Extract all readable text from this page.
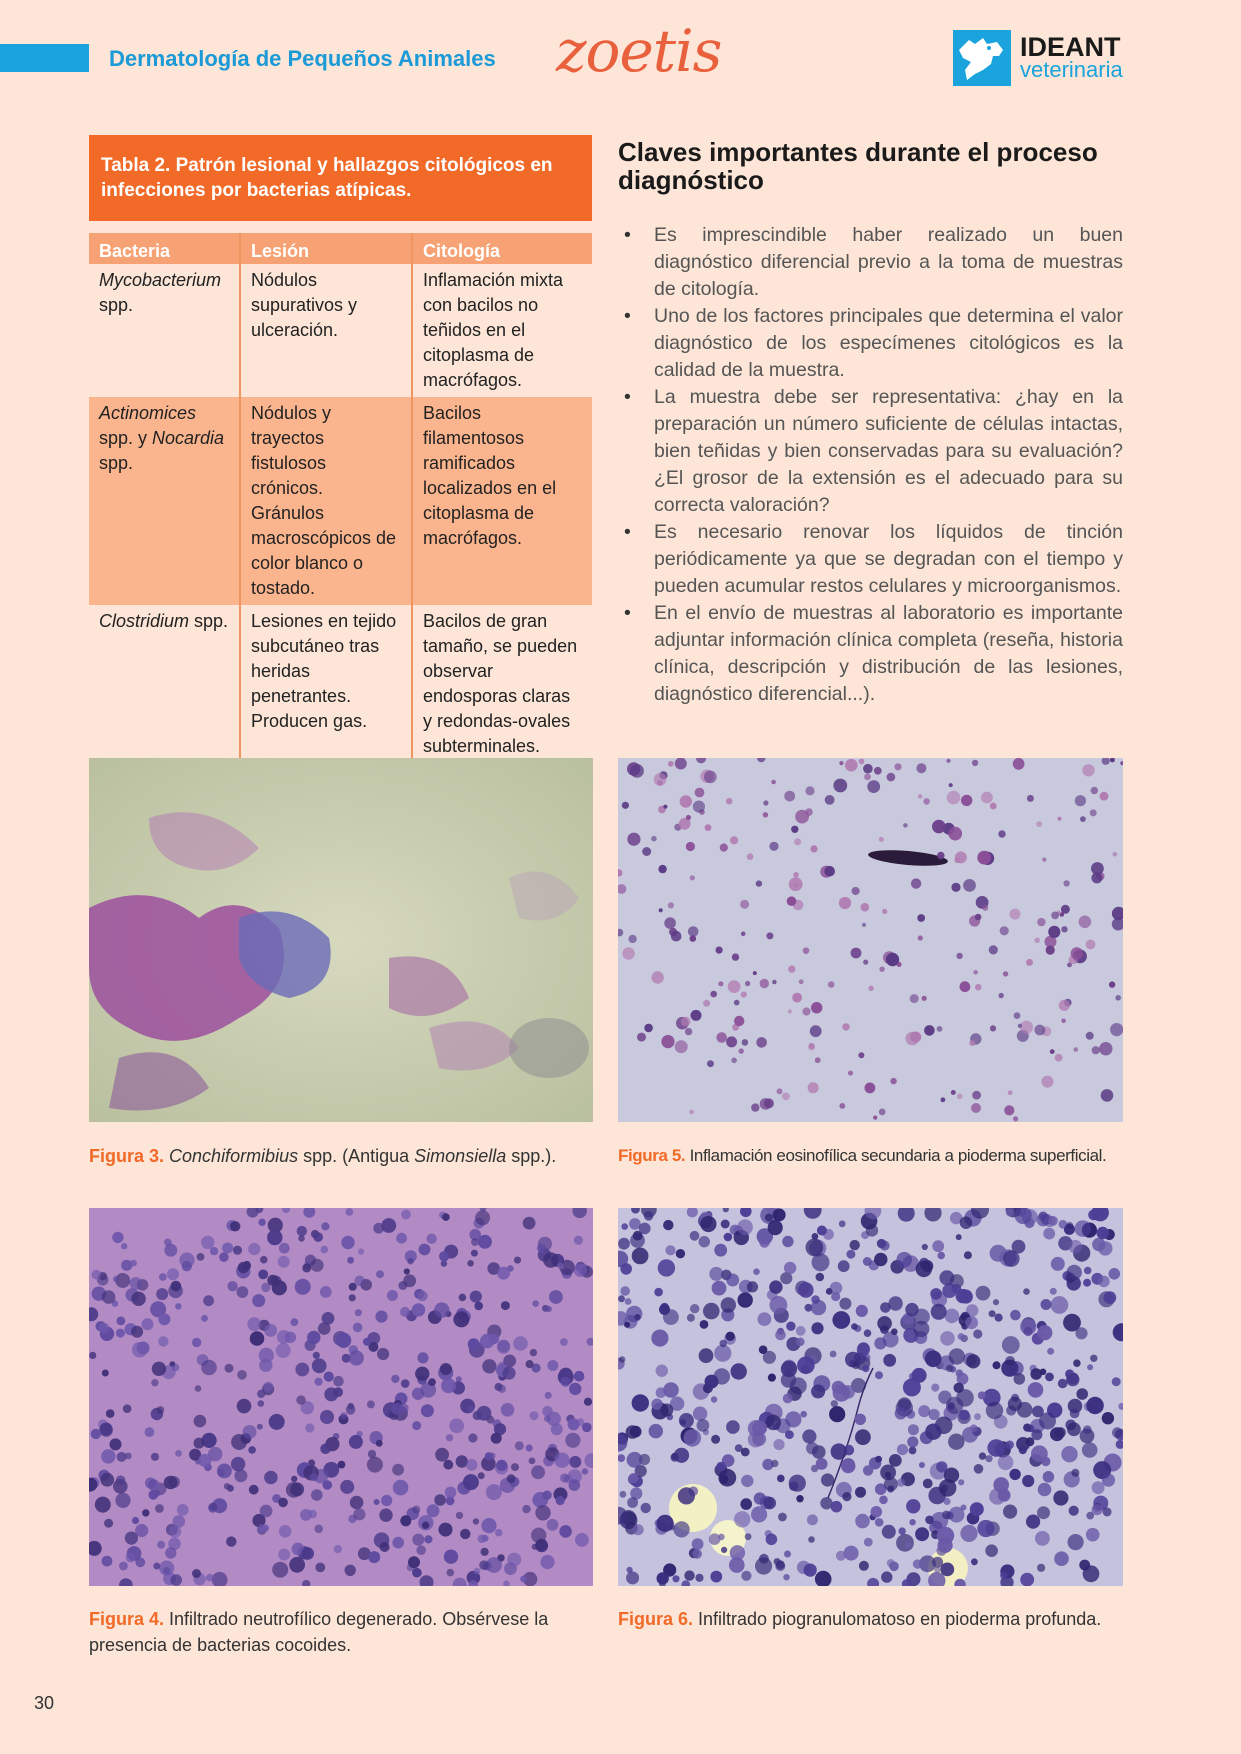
Dermatología de Pequeños Animales zoetis	IDEANT
veterinaria
Tabla 2. Patrón lesional y hallazgos citológicos en infecciones por bacterias atípicas.
Bacteria	Lesión	Citología
Mycobacterium spp.	Nódulos supurativos y ulceración.	Inflamación mixta con bacilos no teñidos en el citoplasma de macrófagos.
Actinomices spp. y Nocardia spp.	Nódulos y trayectos fistulosos crónicos. Gránulos macroscópicos de color blanco o tostado.	Bacilos filamentosos ramificados localizados en el citoplasma de macrófagos.
Clostridium spp.	Lesiones en tejido subcutáneo tras heridas penetrantes. Producen gas.	Bacilos de gran tamaño, se pueden observar endosporas claras y redondas-ovales subterminales.
Claves importantes durante el proceso diagnóstico
• Es imprescindible haber realizado un buen diagnóstico diferencial previo a la toma de muestras de citología.
• Uno de los factores principales que determina el valor diagnóstico de los especímenes citológicos es la calidad de la muestra.
• La muestra debe ser representativa: ¿hay en la preparación un número suficiente de células intactas, bien teñidas y bien conservadas para su evaluación? ¿El grosor de la extensión es el adecuado para su correcta valoración?
• Es necesario renovar los líquidos de tinción periódicamente ya que se degradan con el tiempo y pueden acumular restos celulares y microorganismos.
• En el envío de muestras al laboratorio es importante adjuntar información clínica completa (reseña, historia clínica, descripción y distribución de las lesiones, diagnóstico diferencial...).
Figura 3. Conchiformibius spp. (Antigua Simonsiella spp.).	Figura 5. Inflamación eosinofílica secundaria a pioderma superficial.
Figura 4. Infiltrado neutrofílico degenerado. Obsérvese la presencia de bacterias cocoides.
Figura 6. Infiltrado piogranulomatoso en pioderma profunda.
30
